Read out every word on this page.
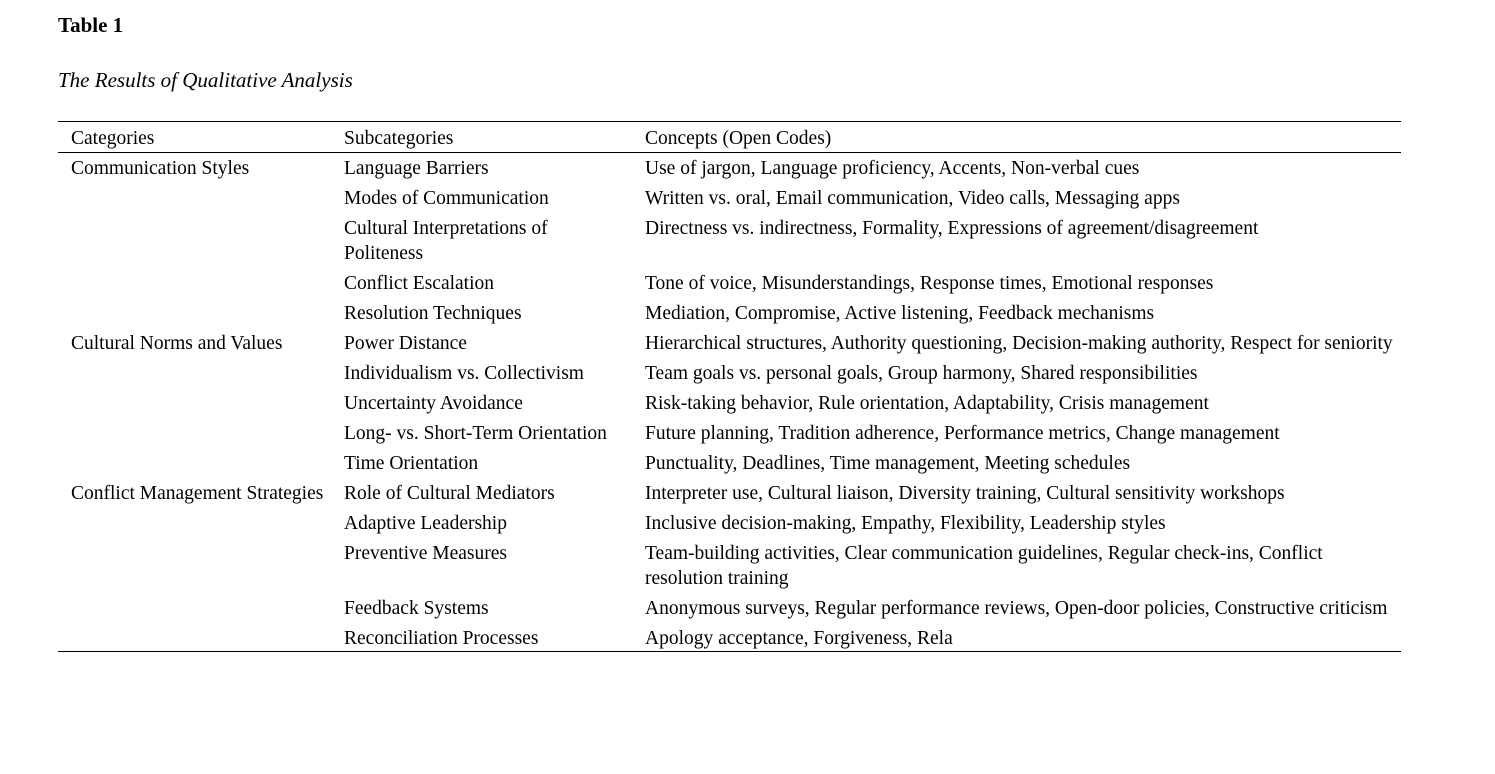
Table 1

The Results of Qualitative Analysis

Categories	Subcategories	Concepts (Open Codes)
Communication Styles	Language Barriers	Use of jargon, Language proficiency, Accents, Non-verbal cues
	Modes of Communication	Written vs. oral, Email communication, Video calls, Messaging apps
	Cultural Interpretations of Politeness	Directness vs. indirectness, Formality, Expressions of agreement/disagreement
	Conflict Escalation	Tone of voice, Misunderstandings, Response times, Emotional responses
	Resolution Techniques	Mediation, Compromise, Active listening, Feedback mechanisms
Cultural Norms and Values	Power Distance	Hierarchical structures, Authority questioning, Decision-making authority, Respect for seniority
	Individualism vs. Collectivism	Team goals vs. personal goals, Group harmony, Shared responsibilities
	Uncertainty Avoidance	Risk-taking behavior, Rule orientation, Adaptability, Crisis management
	Long- vs. Short-Term Orientation	Future planning, Tradition adherence, Performance metrics, Change management
	Time Orientation	Punctuality, Deadlines, Time management, Meeting schedules
Conflict Management Strategies	Role of Cultural Mediators	Interpreter use, Cultural liaison, Diversity training, Cultural sensitivity workshops
	Adaptive Leadership	Inclusive decision-making, Empathy, Flexibility, Leadership styles
	Preventive Measures	Team-building activities, Clear communication guidelines, Regular check-ins, Conflict resolution training
	Feedback Systems	Anonymous surveys, Regular performance reviews, Open-door policies, Constructive criticism
	Reconciliation Processes	Apology acceptance, Forgiveness, Rela
